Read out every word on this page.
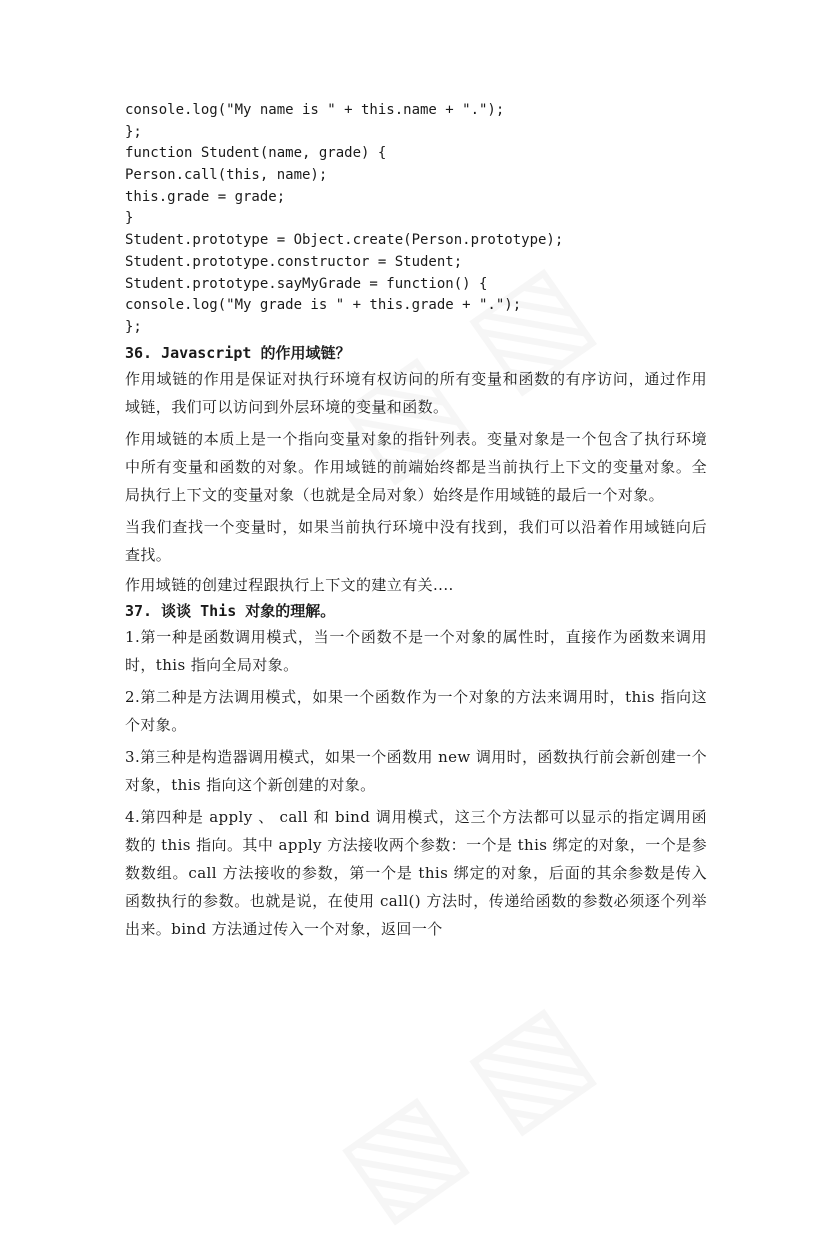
console.log("My name is " + this.name + ".");
};
function Student(name, grade) {
Person.call(this, name);
this.grade = grade;
}
Student.prototype = Object.create(Person.prototype);
Student.prototype.constructor = Student;
Student.prototype.sayMyGrade = function() {
console.log("My grade is " + this.grade + ".");
};
36. Javascript 的作用域链？

作用域链的作用是保证对执行环境有权访问的所有变量和函数的有序访问，通过作用域链，我们可以访问到外层环境的变量和函数。

作用域链的本质上是一个指向变量对象的指针列表。变量对象是一个包含了执行环境中所有变量和函数的对象。作用域链的前端始终都是当前执行上下文的变量对象。全局执行上下文的变量对象（也就是全局对象）始终是作用域链的最后一个对象。

当我们查找一个变量时，如果当前执行环境中没有找到，我们可以沿着作用域链向后查找。

作用域链的创建过程跟执行上下文的建立有关....

37. 谈谈 This 对象的理解。

1.第一种是函数调用模式，当一个函数不是一个对象的属性时，直接作为函数来调用时，this 指向全局对象。

2.第二种是方法调用模式，如果一个函数作为一个对象的方法来调用时，this 指向这个对象。

3.第三种是构造器调用模式，如果一个函数用 new 调用时，函数执行前会新创建一个对象，this 指向这个新创建的对象。

4.第四种是 apply 、 call 和 bind 调用模式，这三个方法都可以显示的指定调用函数的 this 指向。其中 apply 方法接收两个参数：一个是 this 绑定的对象，一个是参数数组。call 方法接收的参数，第一个是 this 绑定的对象，后面的其余参数是传入函数执行的参数。也就是说，在使用 call() 方法时，传递给函数的参数必须逐个列举出来。bind 方法通过传入一个对象，返回一个
